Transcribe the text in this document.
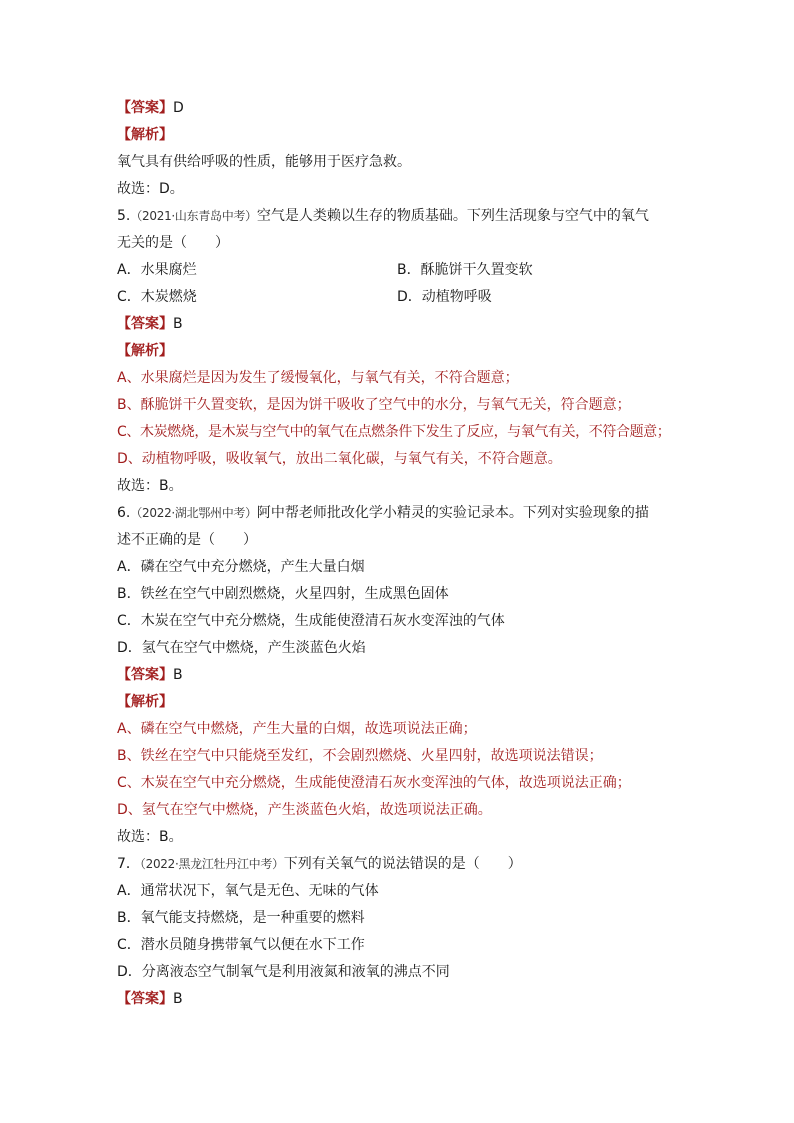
【答案】D
【解析】
氧气具有供给呼吸的性质，能够用于医疗急救。
故选：D。
5.（2021·山东青岛中考）空气是人类赖以生存的物质基础。下列生活现象与空气中的氧气
无关的是（　　）
A．水果腐烂	B．酥脆饼干久置变软
C．木炭燃烧	D．动植物呼吸
【答案】B
【解析】
A、水果腐烂是因为发生了缓慢氧化，与氧气有关，不符合题意；
B、酥脆饼干久置变软，是因为饼干吸收了空气中的水分，与氧气无关，符合题意；
C、木炭燃烧，是木炭与空气中的氧气在点燃条件下发生了反应，与氧气有关，不符合题意；
D、动植物呼吸，吸收氧气，放出二氧化碳，与氧气有关，不符合题意。
故选：B。
6.（2022·湖北鄂州中考）阿中帮老师批改化学小精灵的实验记录本。下列对实验现象的描
述不正确的是（　　）
A．磷在空气中充分燃烧，产生大量白烟
B．铁丝在空气中剧烈燃烧，火星四射，生成黑色固体
C．木炭在空气中充分燃烧，生成能使澄清石灰水变浑浊的气体
D．氢气在空气中燃烧，产生淡蓝色火焰
【答案】B
【解析】
A、磷在空气中燃烧，产生大量的白烟，故选项说法正确；
B、铁丝在空气中只能烧至发红，不会剧烈燃烧、火星四射，故选项说法错误；
C、木炭在空气中充分燃烧，生成能使澄清石灰水变浑浊的气体，故选项说法正确；
D、氢气在空气中燃烧，产生淡蓝色火焰，故选项说法正确。
故选：B。
7．（2022·黑龙江牡丹江中考）下列有关氧气的说法错误的是（　　）
A．通常状况下，氧气是无色、无味的气体
B．氧气能支持燃烧，是一种重要的燃料
C．潜水员随身携带氧气以便在水下工作
D．分离液态空气制氧气是利用液氮和液氧的沸点不同
【答案】B
